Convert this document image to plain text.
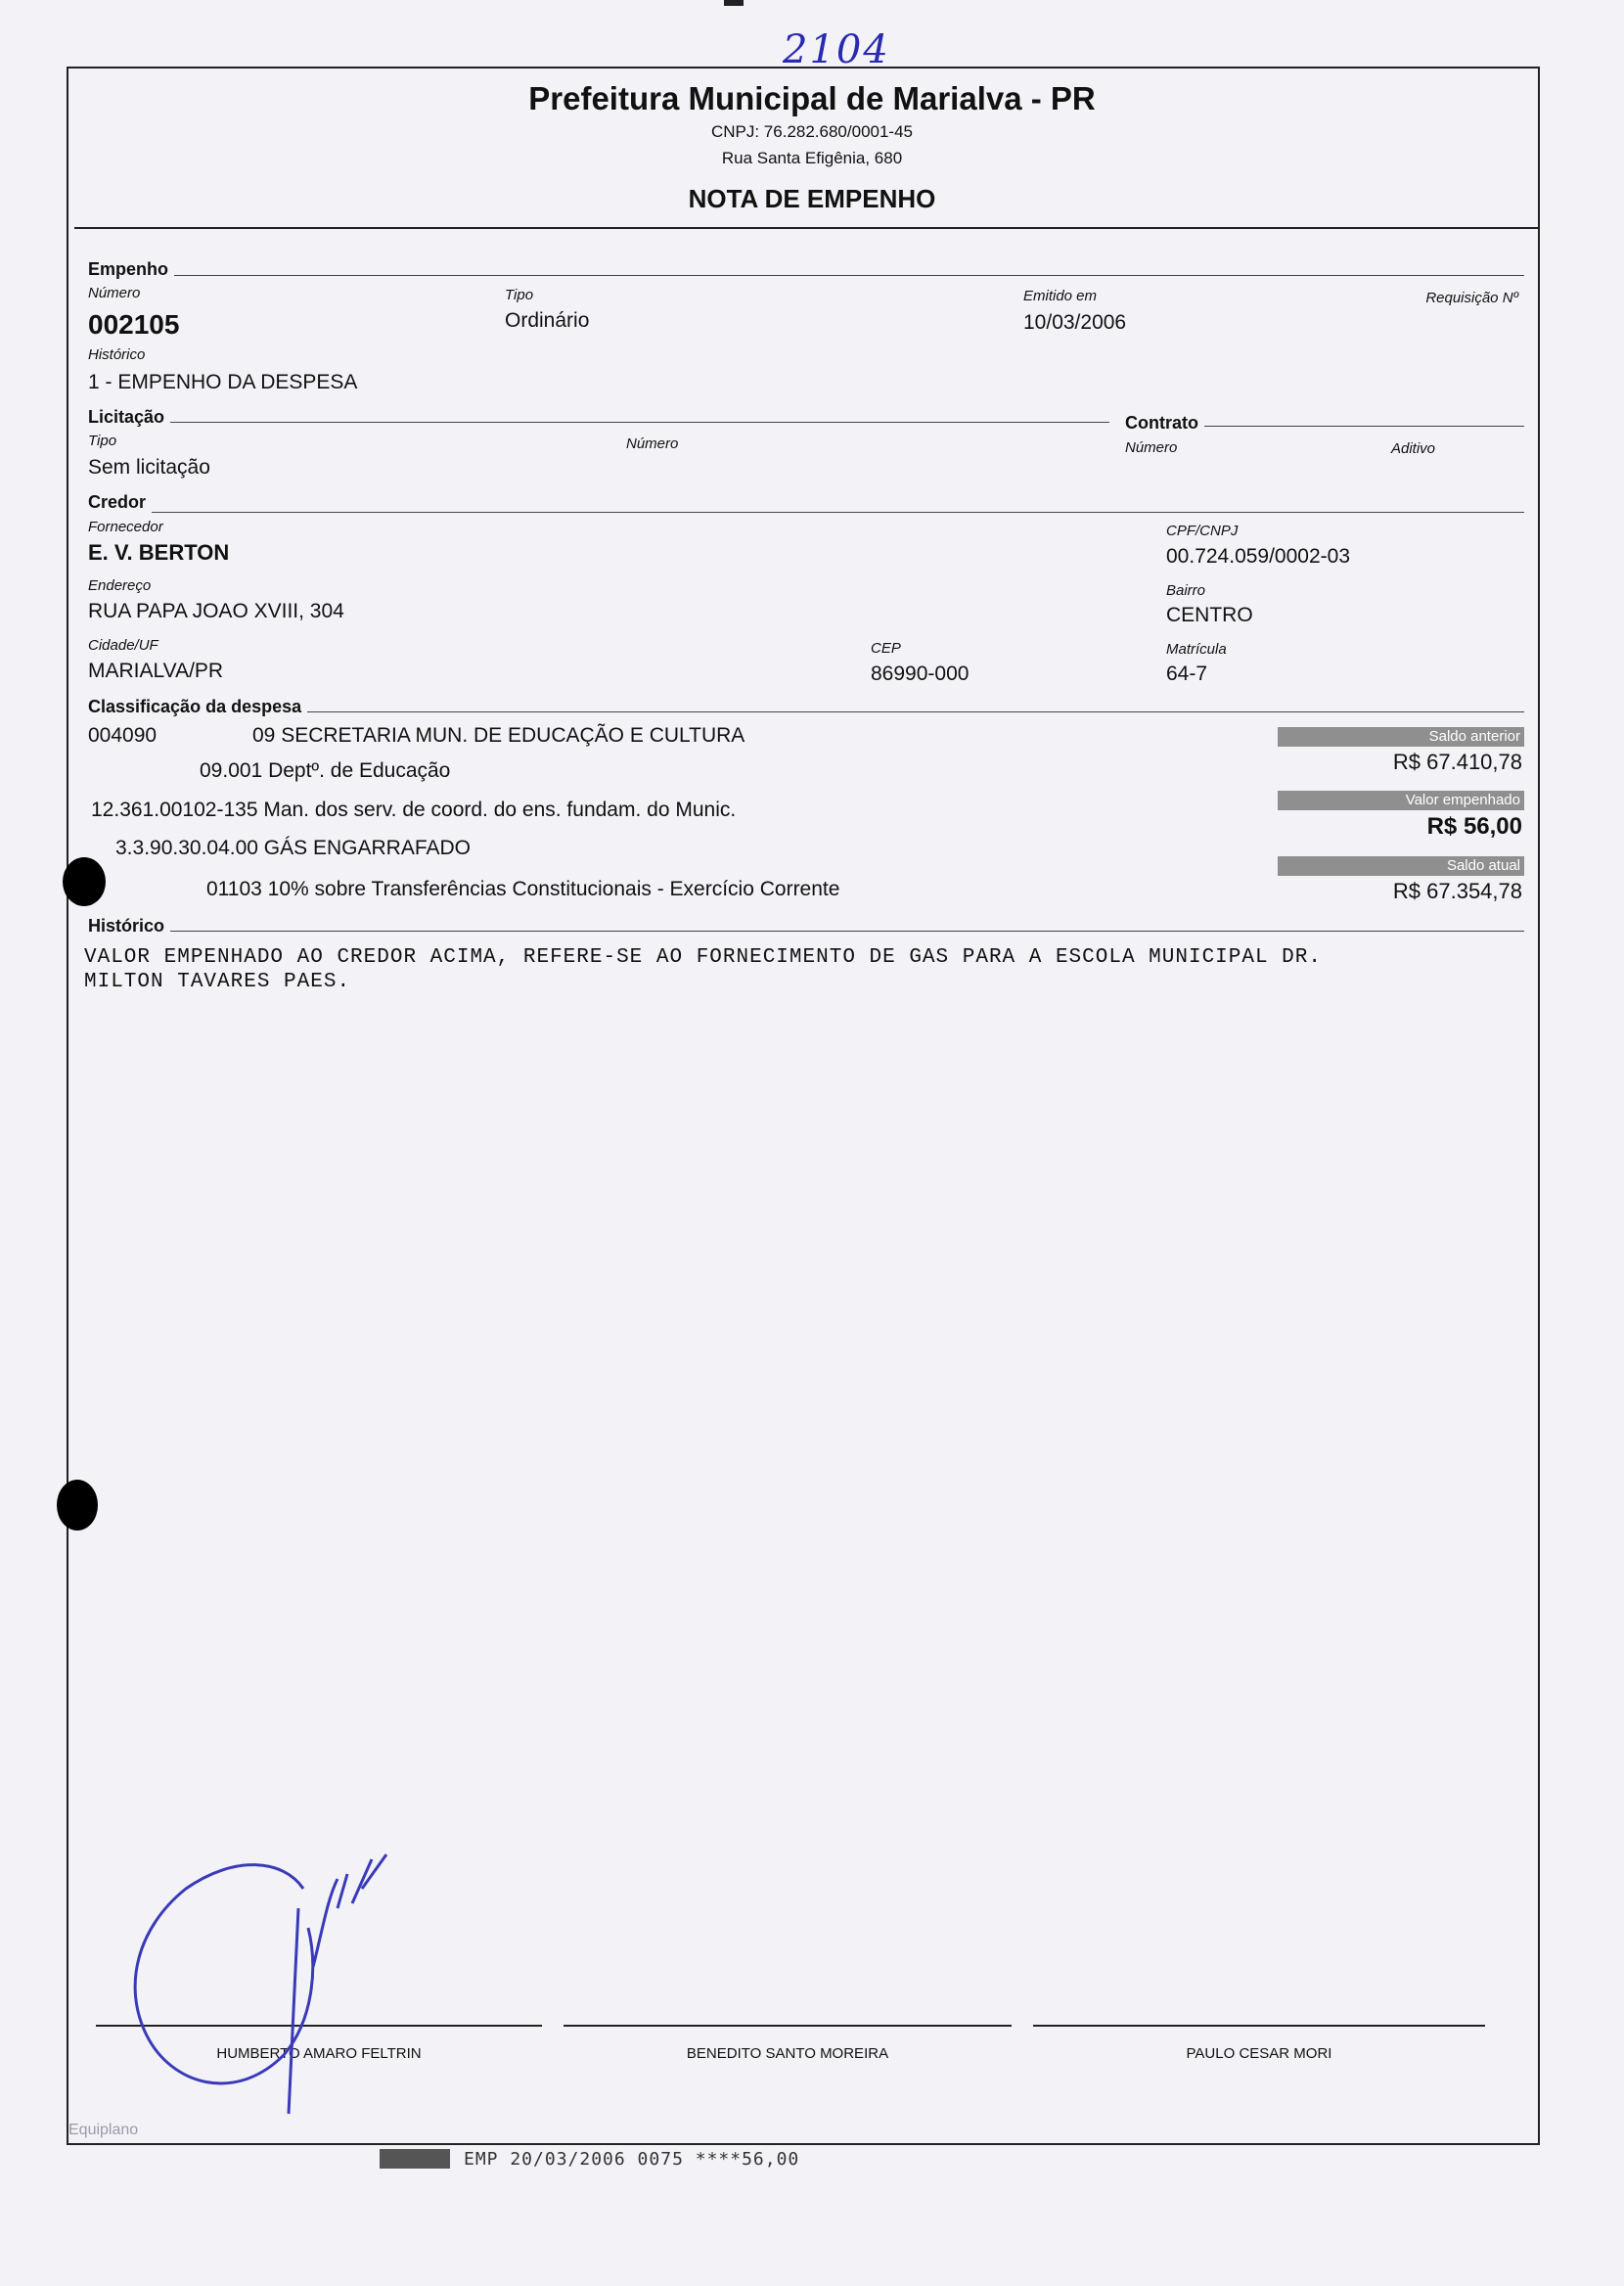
2104
Prefeitura Municipal de Marialva - PR
CNPJ: 76.282.680/0001-45
Rua Santa Efigênia, 680
NOTA DE EMPENHO
Empenho
Número
002105
Tipo
Ordinário
Emitido em
10/03/2006
Requisição Nº
Histórico
1 - EMPENHO DA DESPESA
Licitação
Tipo
Sem licitação
Número
Contrato
Número	Aditivo
Credor
Fornecedor
E. V. BERTON
CPF/CNPJ
00.724.059/0002-03
Endereço
RUA PAPA JOAO XVIII, 304
Bairro
CENTRO
Cidade/UF
MARIALVA/PR
CEP
86990-000
Matrícula
64-7
Classificação da despesa
004090	09 SECRETARIA MUN. DE EDUCAÇÃO E CULTURA
09.001 Deptº. de Educação
12.361.00102-135 Man. dos serv. de coord. do ens. fundam. do Munic.
3.3.90.30.04.00 GÁS ENGARRAFADO
01103 10% sobre Transferências Constitucionais - Exercício Corrente
Saldo anterior
R$ 67.410,78
Valor empenhado
R$ 56,00
Saldo atual
R$ 67.354,78
Histórico
VALOR EMPENHADO AO CREDOR ACIMA, REFERE-SE AO FORNECIMENTO DE GAS PARA A ESCOLA MUNICIPAL DR.
MILTON TAVARES PAES.
HUMBERTO AMARO FELTRIN	BENEDITO SANTO MOREIRA	PAULO CESAR MORI
Equiplano
EMP 20/03/2006 0075 ****56,00
